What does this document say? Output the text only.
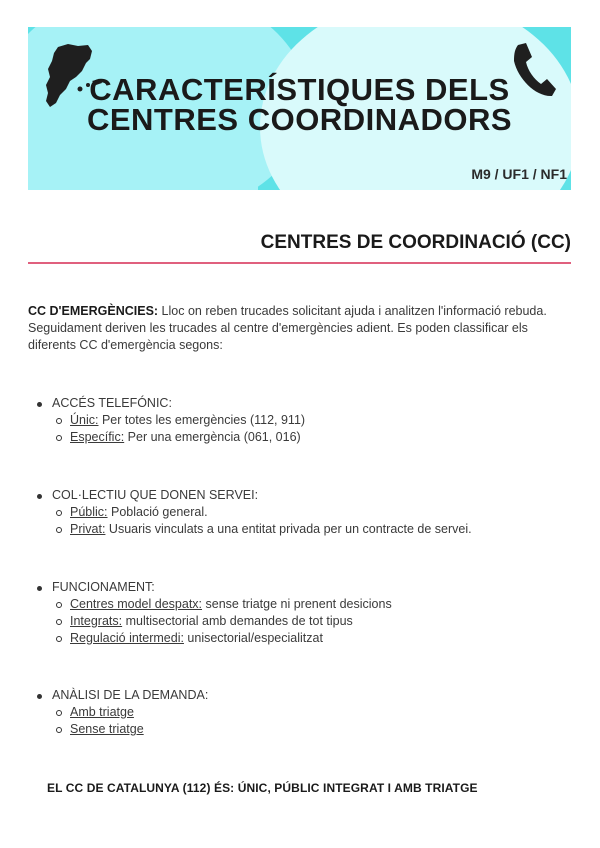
CARACTERÍSTIQUES DELS
CENTRES COORDINADORS
M9 / UF1 / NF1
CENTRES DE COORDINACIÓ (CC)
CC D'EMERGÈNCIES: Lloc on reben trucades solicitant ajuda i analitzen l'informació rebuda. Seguidament deriven les trucades al centre d'emergències adient. Es poden classificar els diferents CC d'emergència segons:
ACCÉS TELEFÓNIC:
Únic: Per totes les emergències (112, 911)
Específic: Per una emergència (061, 016)
COL·LECTIU QUE DONEN SERVEI:
Públic: Població general.
Privat: Usuaris vinculats a una entitat privada per un contracte de servei.
FUNCIONAMENT:
Centres model despatx: sense triatge ni prenent desicions
Integrats: multisectorial amb demandes de tot tipus
Regulació intermedi: unisectorial/especialitzat
ANÀLISI DE LA DEMANDA:
Amb triatge
Sense triatge
EL CC DE CATALUNYA (112) ÉS: ÚNIC, PÚBLIC INTEGRAT I AMB TRIATGE
